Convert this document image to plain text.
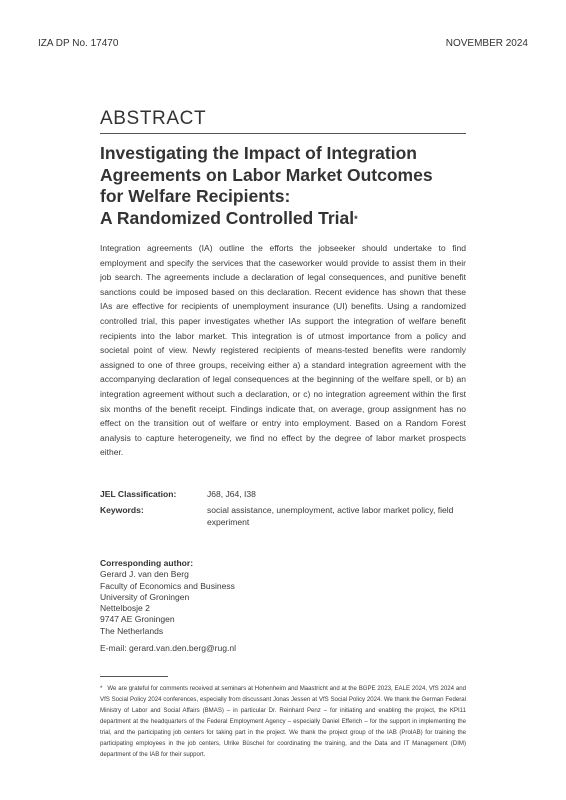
IZA DP No. 17470	NOVEMBER 2024
ABSTRACT
Investigating the Impact of Integration
Agreements on Labor Market Outcomes
for Welfare Recipients:
A Randomized Controlled Trial*

Integration agreements (IA) outline the efforts the jobseeker should undertake to find employment and specify the services that the caseworker would provide to assist them in their job search. The agreements include a declaration of legal consequences, and punitive benefit sanctions could be imposed based on this declaration. Recent evidence has shown that these IAs are effective for recipients of unemployment insurance (UI) benefits. Using a randomized controlled trial, this paper investigates whether IAs support the integration of welfare benefit recipients into the labor market. This integration is of utmost importance from a policy and societal point of view. Newly registered recipients of means-tested benefits were randomly assigned to one of three groups, receiving either a) a standard integration agreement with the accompanying declaration of legal consequences at the beginning of the welfare spell, or b) an integration agreement without such a declaration, or c) no integration agreement within the first six months of the benefit receipt. Findings indicate that, on average, group assignment has no effect on the transition out of welfare or entry into employment. Based on a Random Forest analysis to capture heterogeneity, we find no effect by the degree of labor market prospects either.

JEL Classification:	J68, J64, I38
Keywords:	social assistance, unemployment, active labor market policy, field experiment
Corresponding author:
Gerard J. van den Berg
Faculty of Economics and Business
University of Groningen
Nettelbosje 2
9747 AE Groningen
The Netherlands
E-mail: gerard.van.den.berg@rug.nl

* We are grateful for comments received at seminars at Hohenheim and Maastricht and at the BGPE 2023, EALE 2024, VfS 2024 and VfS Social Policy 2024 conferences, especially from discussant Jonas Jessen at VfS Social Policy 2024. We thank the German Federal Ministry of Labor and Social Affairs (BMAS) – in particular Dr. Reinhard Penz – for initiating and enabling the project, the KPI11 department at the headquarters of the Federal Employment Agency – especially Daniel Efferich – for the support in implementing the trial, and the participating job centers for taking part in the project. We thank the project group of the IAB (ProIAB) for training the participating employees in the job centers, Ulrike Büschel for coordinating the training, and the Data and IT Management (DIM) department of the IAB for their support.
